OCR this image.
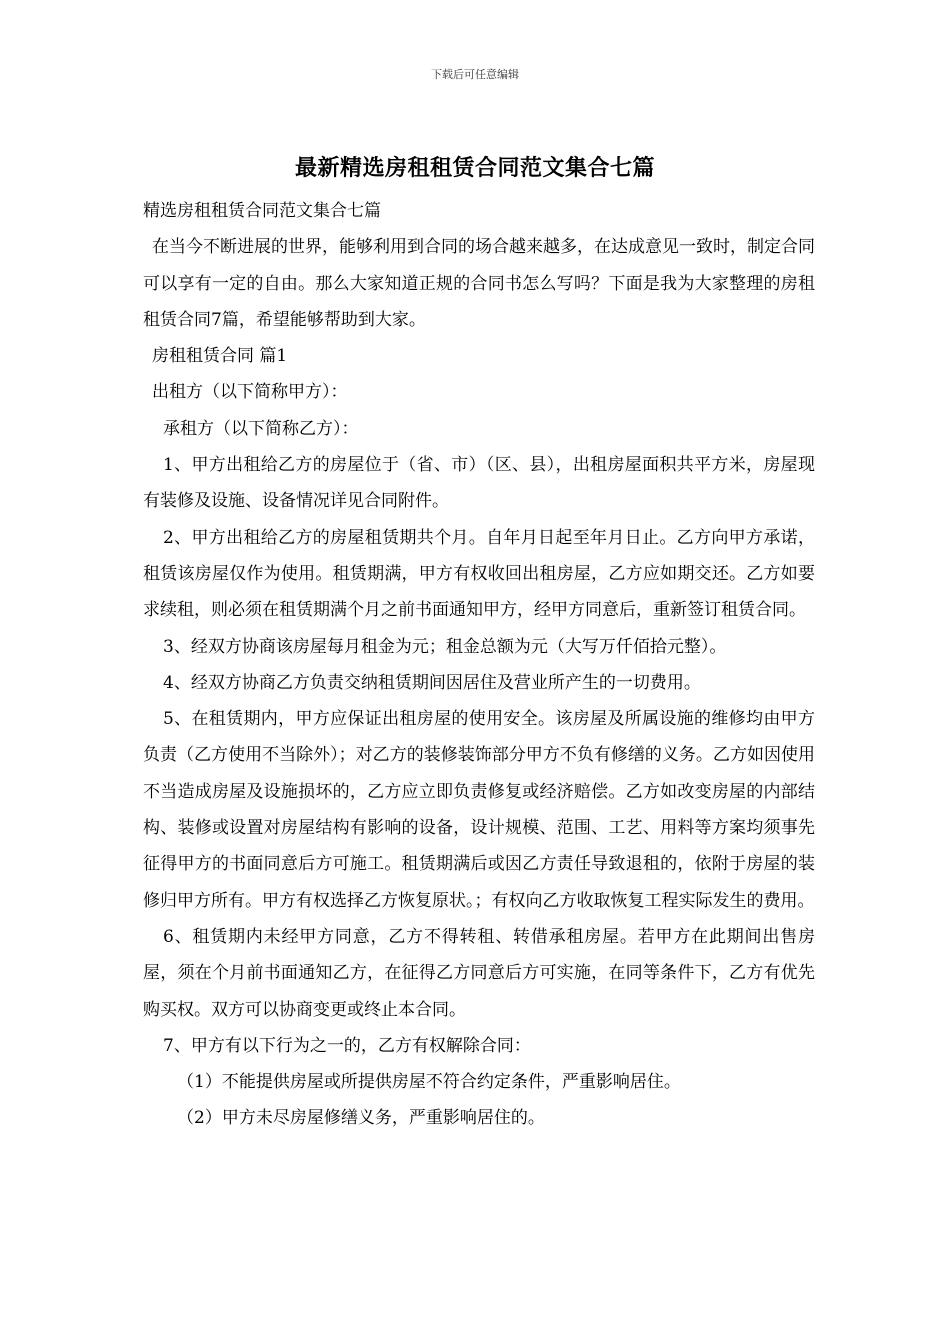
下载后可任意编辑
最新精选房租租赁合同范文集合七篇

精选房租租赁合同范文集合七篇

在当今不断进展的世界，能够利用到合同的场合越来越多，在达成意见一致时，制定合同可以享有一定的自由。那么大家知道正规的合同书怎么写吗？下面是我为大家整理的房租租赁合同7篇，希望能够帮助到大家。

房租租赁合同 篇1

出租方（以下简称甲方）：

承租方（以下简称乙方）：

1、甲方出租给乙方的房屋位于（省、市）（区、县），出租房屋面积共平方米，房屋现有装修及设施、设备情况详见合同附件。

2、甲方出租给乙方的房屋租赁期共个月。自年月日起至年月日止。乙方向甲方承诺，租赁该房屋仅作为使用。租赁期满，甲方有权收回出租房屋，乙方应如期交还。乙方如要求续租，则必须在租赁期满个月之前书面通知甲方，经甲方同意后，重新签订租赁合同。

3、经双方协商该房屋每月租金为元；租金总额为元（大写万仟佰拾元整）。

4、经双方协商乙方负责交纳租赁期间因居住及营业所产生的一切费用。

5、在租赁期内，甲方应保证出租房屋的使用安全。该房屋及所属设施的维修均由甲方负责（乙方使用不当除外）；对乙方的装修装饰部分甲方不负有修缮的义务。乙方如因使用不当造成房屋及设施损坏的，乙方应立即负责修复或经济赔偿。乙方如改变房屋的内部结构、装修或设置对房屋结构有影响的设备，设计规模、范围、工艺、用料等方案均须事先征得甲方的书面同意后方可施工。租赁期满后或因乙方责任导致退租的，依附于房屋的装修归甲方所有。甲方有权选择乙方恢复原状。；有权向乙方收取恢复工程实际发生的费用。

6、租赁期内未经甲方同意，乙方不得转租、转借承租房屋。若甲方在此期间出售房屋，须在个月前书面通知乙方，在征得乙方同意后方可实施，在同等条件下，乙方有优先购买权。双方可以协商变更或终止本合同。

7、甲方有以下行为之一的，乙方有权解除合同：

（1）不能提供房屋或所提供房屋不符合约定条件，严重影响居住。

（2）甲方未尽房屋修缮义务，严重影响居住的。
